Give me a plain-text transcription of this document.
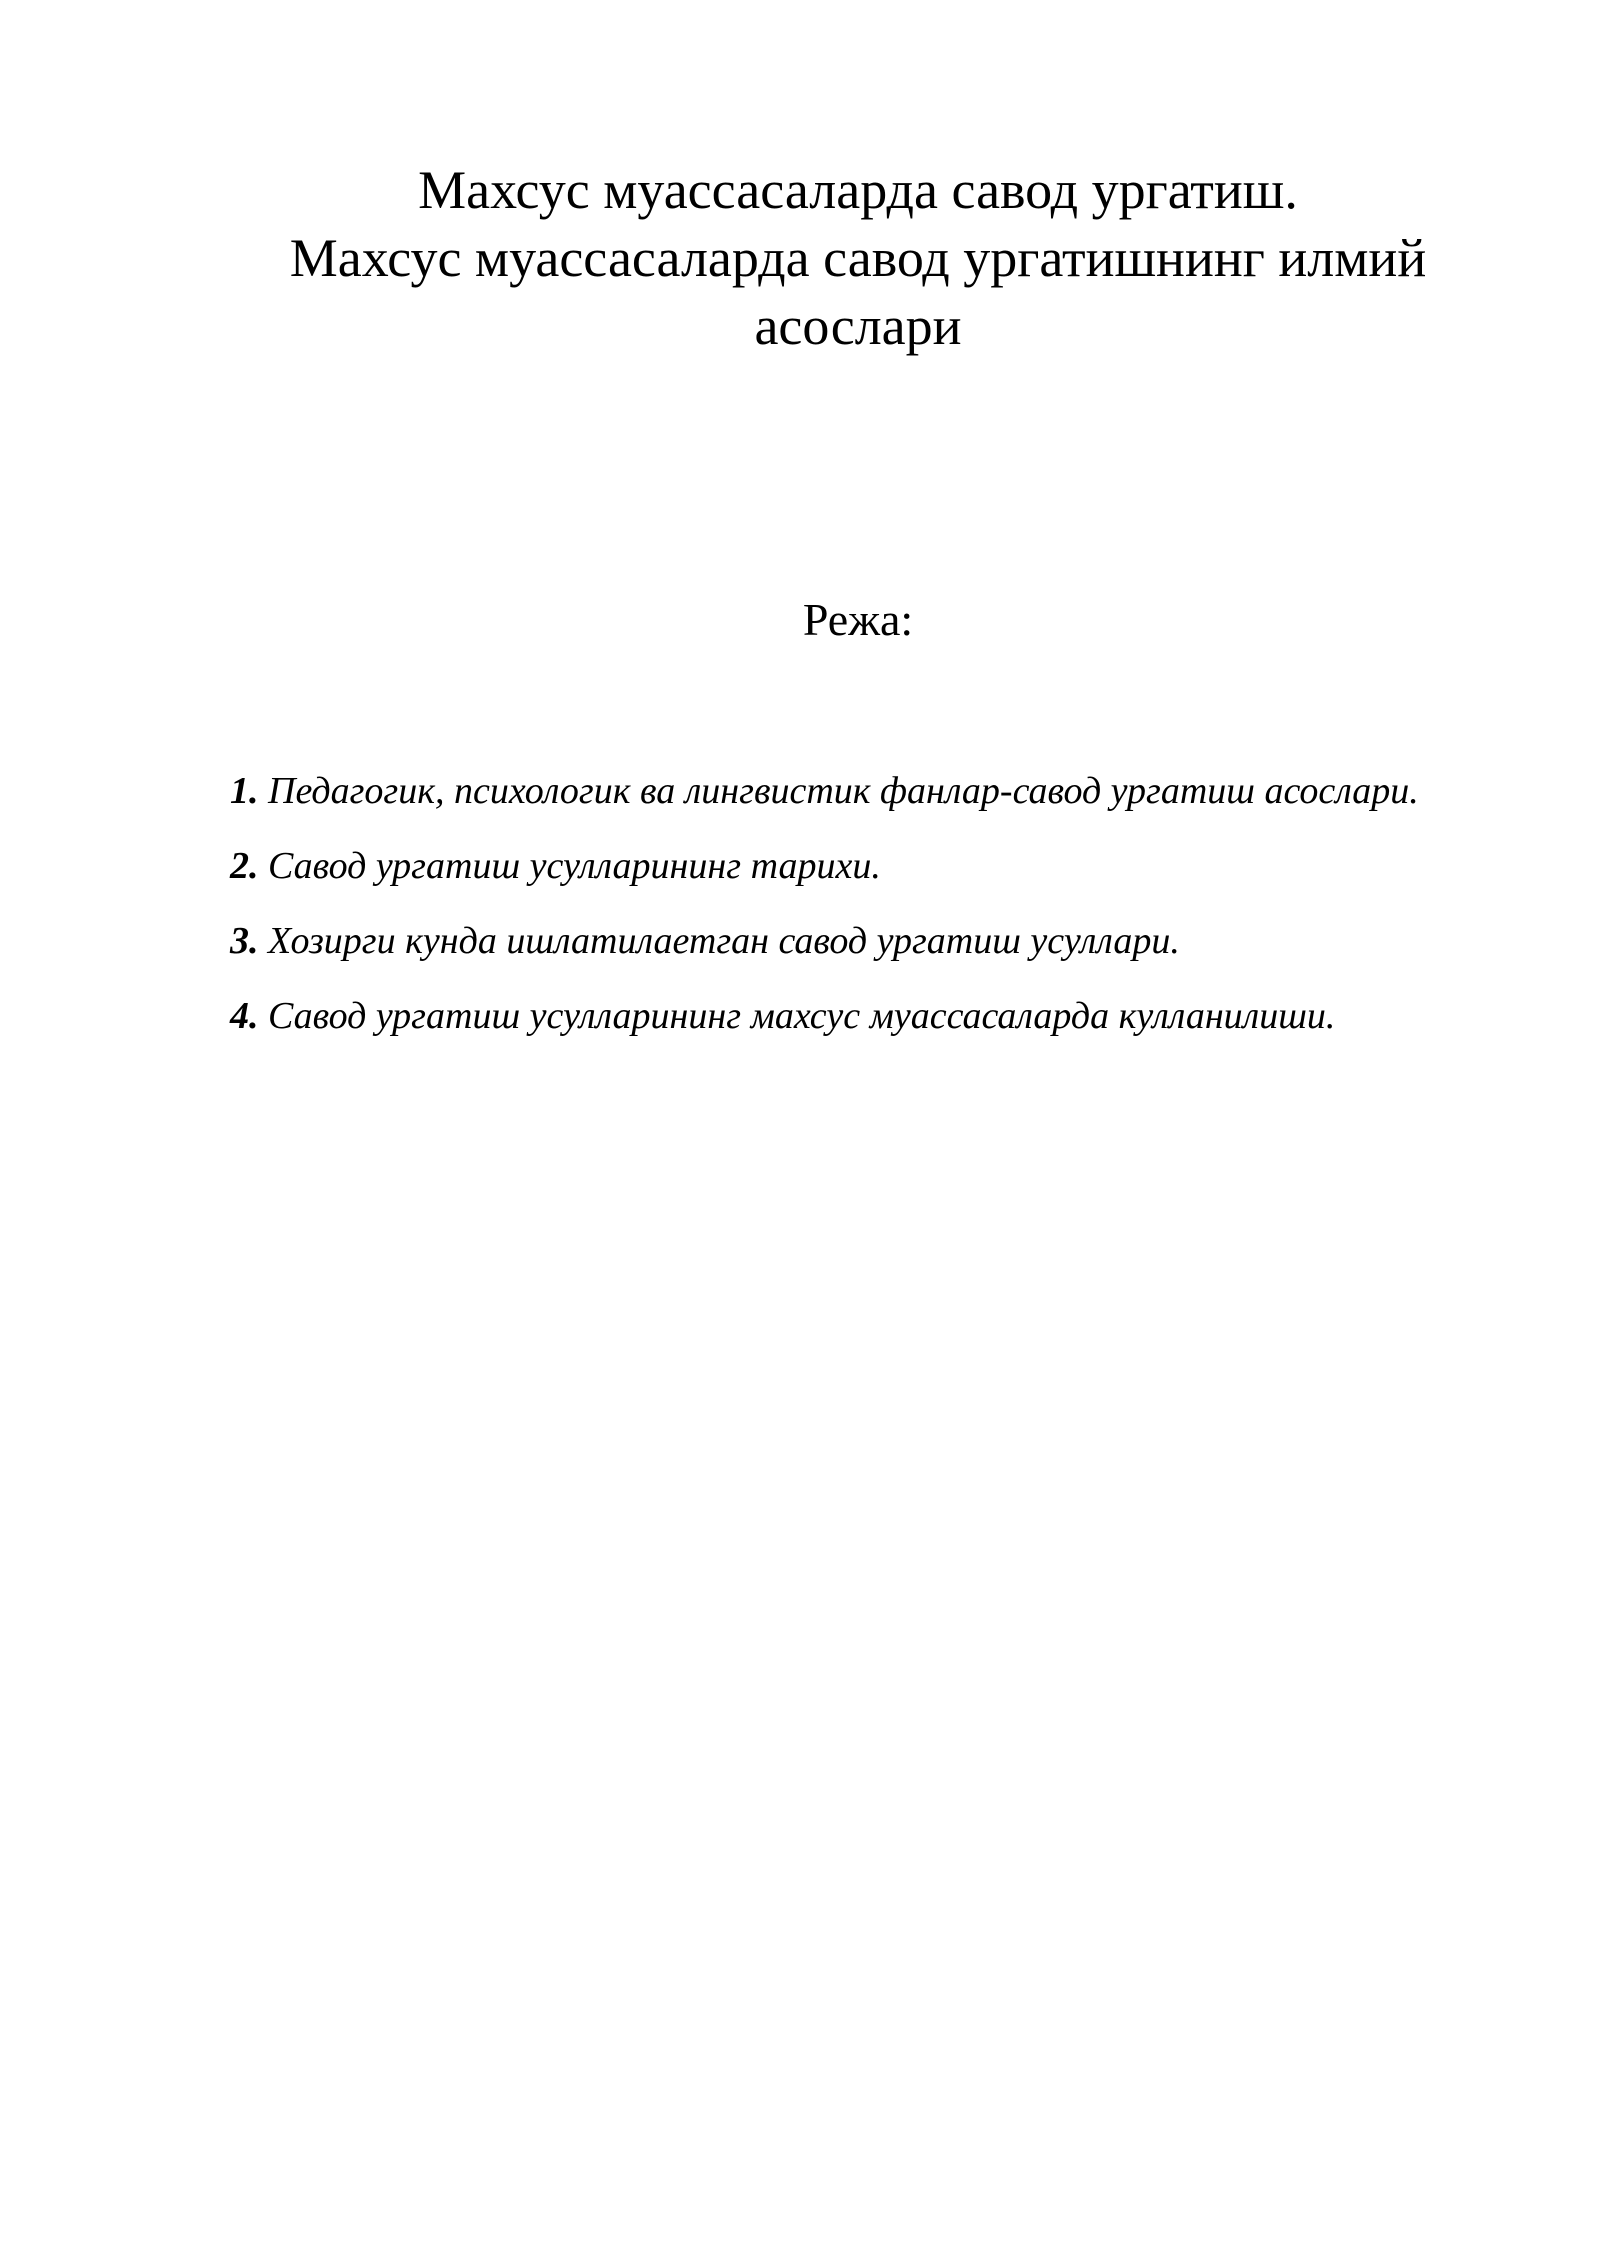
Махсус муассасаларда савод ургатиш.
Махсус муассасаларда савод ургатишнинг илмий
асослари
Режа:
1. Педагогик, психологик ва лингвистик фанлар-савод ургатиш асослари.
2. Савод ургатиш усулларининг тарихи.
3. Хозирги кунда ишлатилаетган савод ургатиш усуллари.
4. Савод ургатиш усулларининг махсус муассасаларда кулланилиши.
